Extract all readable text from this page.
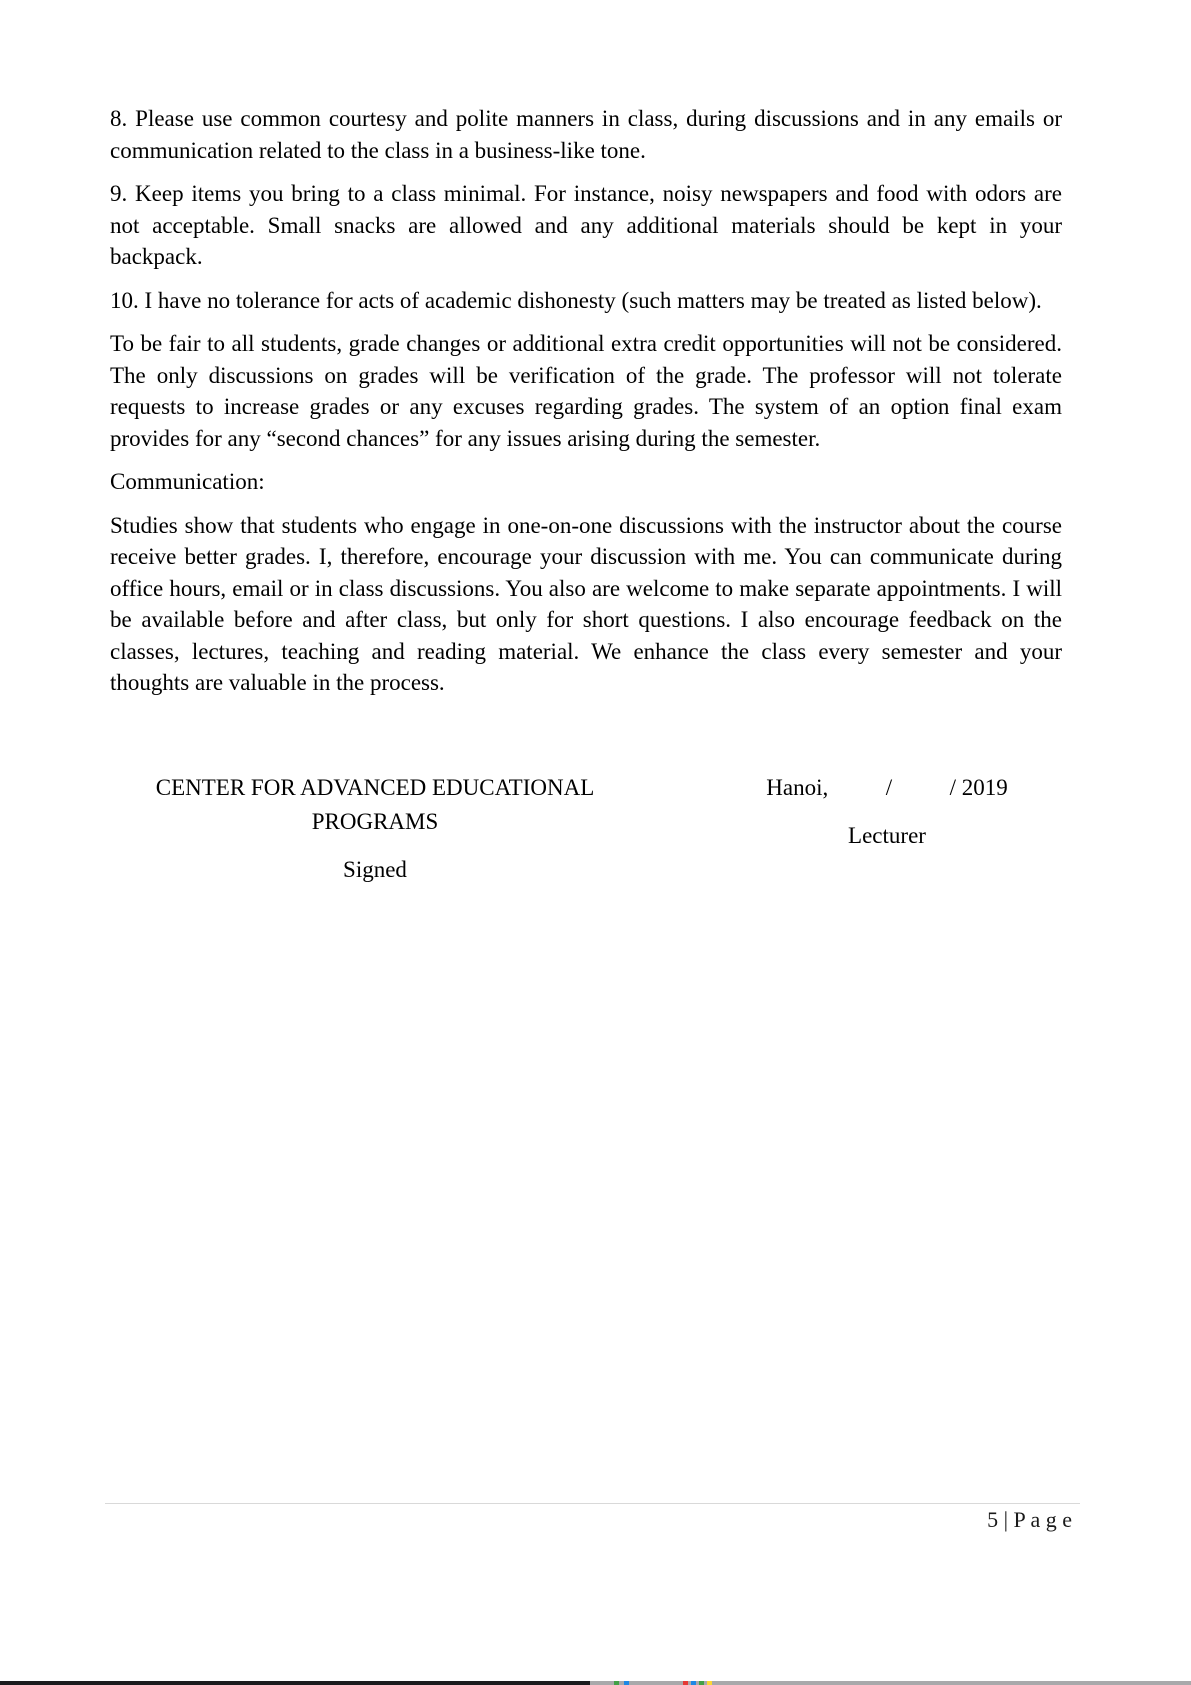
8. Please use common courtesy and polite manners in class, during discussions and in any emails or communication related to the class in a business-like tone.

9. Keep items you bring to a class minimal. For instance, noisy newspapers and food with odors are not acceptable. Small snacks are allowed and any additional materials should be kept in your backpack.

10. I have no tolerance for acts of academic dishonesty (such matters may be treated as listed below).

To be fair to all students, grade changes or additional extra credit opportunities will not be considered. The only discussions on grades will be verification of the grade. The professor will not tolerate requests to increase grades or any excuses regarding grades. The system of an option final exam provides for any “second chances” for any issues arising during the semester.

Communication:

Studies show that students who engage in one-on-one discussions with the instructor about the course receive better grades. I, therefore, encourage your discussion with me. You can communicate during office hours, email or in class discussions. You also are welcome to make separate appointments. I will be available before and after class, but only for short questions. I also encourage feedback on the classes, lectures, teaching and reading material. We enhance the class every semester and your thoughts are valuable in the process.

CENTER FOR ADVANCED EDUCATIONAL
PROGRAMS
Signed
Hanoi,          /          / 2019
Lecturer
5 | P a g e
